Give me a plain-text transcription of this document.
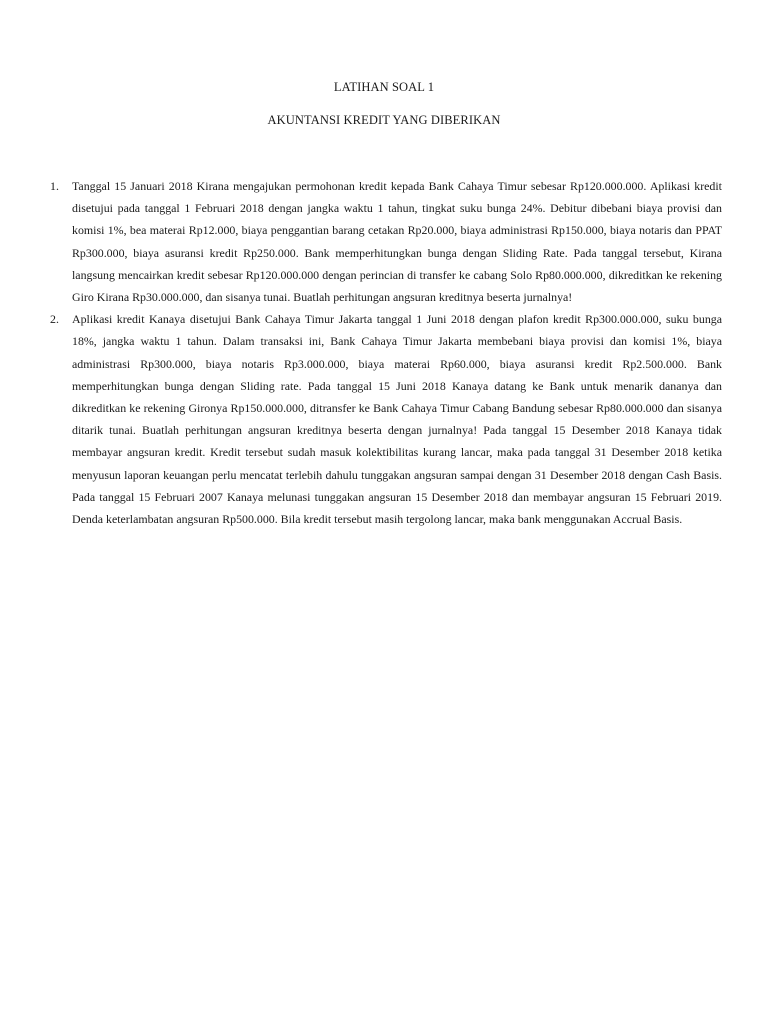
LATIHAN SOAL 1
AKUNTANSI KREDIT YANG DIBERIKAN
1. Tanggal 15 Januari 2018 Kirana mengajukan permohonan kredit kepada Bank Cahaya Timur sebesar Rp120.000.000. Aplikasi kredit disetujui pada tanggal 1 Februari 2018 dengan jangka waktu 1 tahun, tingkat suku bunga 24%. Debitur dibebani biaya provisi dan komisi 1%, bea materai Rp12.000, biaya penggantian barang cetakan Rp20.000, biaya administrasi Rp150.000, biaya notaris dan PPAT Rp300.000, biaya asuransi kredit Rp250.000. Bank memperhitungkan bunga dengan Sliding Rate. Pada tanggal tersebut, Kirana langsung mencairkan kredit sebesar Rp120.000.000 dengan perincian di transfer ke cabang Solo Rp80.000.000, dikreditkan ke rekening Giro Kirana Rp30.000.000, dan sisanya tunai. Buatlah perhitungan angsuran kreditnya beserta jurnalnya!
2. Aplikasi kredit Kanaya disetujui Bank Cahaya Timur Jakarta tanggal 1 Juni 2018 dengan plafon kredit Rp300.000.000, suku bunga 18%, jangka waktu 1 tahun. Dalam transaksi ini, Bank Cahaya Timur Jakarta membebani biaya provisi dan komisi 1%, biaya administrasi Rp300.000, biaya notaris Rp3.000.000, biaya materai Rp60.000, biaya asuransi kredit Rp2.500.000. Bank memperhitungkan bunga dengan Sliding rate. Pada tanggal 15 Juni 2018 Kanaya datang ke Bank untuk menarik dananya dan dikreditkan ke rekening Gironya Rp150.000.000, ditransfer ke Bank Cahaya Timur Cabang Bandung sebesar Rp80.000.000 dan sisanya ditarik tunai. Buatlah perhitungan angsuran kreditnya beserta dengan jurnalnya! Pada tanggal 15 Desember 2018 Kanaya tidak membayar angsuran kredit. Kredit tersebut sudah masuk kolektibilitas kurang lancar, maka pada tanggal 31 Desember 2018 ketika menyusun laporan keuangan perlu mencatat terlebih dahulu tunggakan angsuran sampai dengan 31 Desember 2018 dengan Cash Basis. Pada tanggal 15 Februari 2007 Kanaya melunasi tunggakan angsuran 15 Desember 2018 dan membayar angsuran 15 Februari 2019. Denda keterlambatan angsuran Rp500.000. Bila kredit tersebut masih tergolong lancar, maka bank menggunakan Accrual Basis.
